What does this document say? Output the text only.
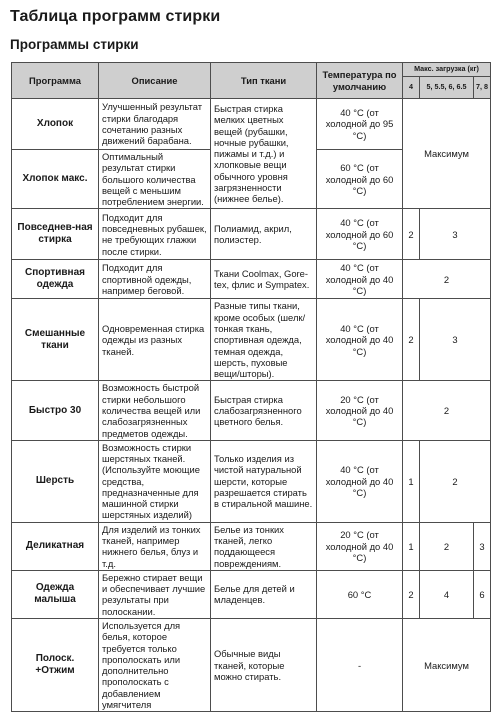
Таблица программ стирки
Программы стирки
Программа	Описание	Тип ткани	Температура по умолчанию	Макс. загрузка (кг)		
				4	5, 5.5, 6, 6.5	7, 8
Хлопок	Улучшенный результат стирки благодаря сочетанию разных движений барабана.	Быстрая стирка мелких цветных вещей (рубашки, ночные рубашки, пижамы и т.д.) и хлопковые вещи обычного уровня загрязненности (нижнее белье).	40 °C (от холодной до 95 °C)	Максимум		
Хлопок макс.	Оптимальный результат стирки большого количества вещей с меньшим потреблением энергии.		60 °C (от холодной до 60 °C)			
Повседнев-ная стирка	Подходит для повседневных рубашек, не требующих глажки после стирки.	Полиамид, акрил, полиэстер.	40 °C (от холодной до 60 °C)	2	3	
Спортивная одежда	Подходит для спортивной одежды, например беговой.	Ткани Coolmax, Gore-tex, флис и Sympatex.	40 °C (от холодной до 40 °C)	2		
Смешанные ткани	Одновременная стирка одежды из разных тканей.	Разные типы ткани, кроме особых (шелк/тонкая ткань, спортивная одежда, темная одежда, шерсть, пуховые вещи/шторы).	40 °C (от холодной до 40 °C)	2	3	
Быстро 30	Возможность быстрой стирки небольшого количества вещей или слабозагрязненных предметов одежды.	Быстрая стирка слабозагрязненного цветного белья.	20 °C (от холодной до 40 °C)	2		
Шерсть	Возможность стирки шерстяных тканей. (Используйте моющие средства, предназначенные для машинной стирки шерстяных изделий)	Только изделия из чистой натуральной шерсти, которые разрешается стирать в стиральной машине.	40 °C (от холодной до 40 °C)	1	2	
Деликатная	Для изделий из тонких тканей, например нижнего белья, блуз и т.д.	Белье из тонких тканей, легко поддающееся повреждениям.	20 °C (от холодной до 40 °C)	1	2	3
Одежда малыша	Бережно стирает вещи и обеспечивает лучшие результаты при полоскании.	Белье для детей и младенцев.	60 °C	2	4	6
Полоск. +Отжим	Используется для белья, которое требуется только прополоскать или дополнительно прополоскать с добавлением умягчителя	Обычные виды тканей, которые можно стирать.	-	Максимум		
